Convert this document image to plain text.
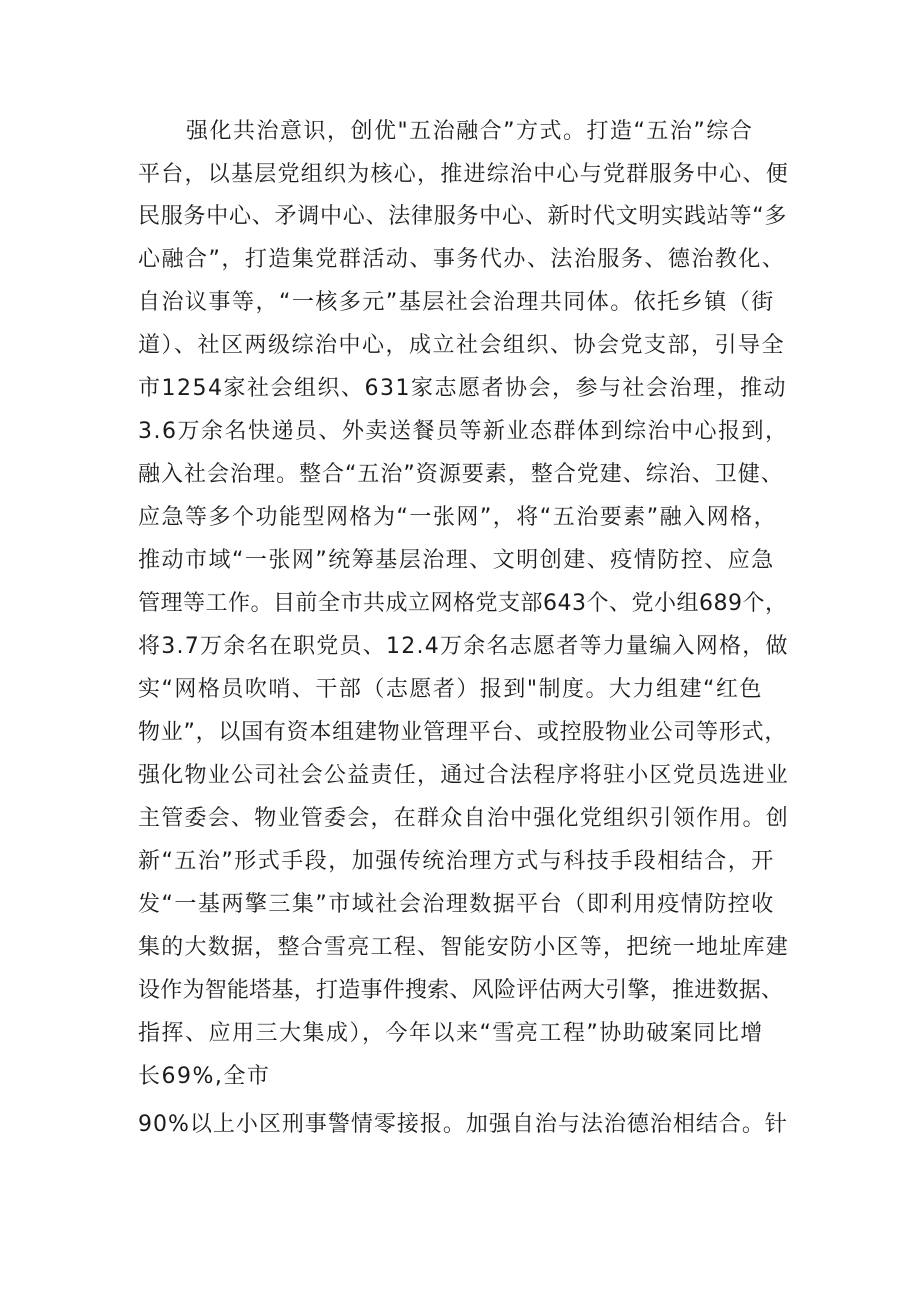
强化共治意识，创优"五治融合”方式。打造“五治”综合
平台，以基层党组织为核心，推进综治中心与党群服务中心、便
民服务中心、矛调中心、法律服务中心、新时代文明实践站等“多
心融合”，打造集党群活动、事务代办、法治服务、德治教化、
自治议事等，“一核多元”基层社会治理共同体。依托乡镇（街
道）、社区两级综治中心，成立社会组织、协会党支部，引导全
市1254家社会组织、631家志愿者协会，参与社会治理，推动
3.6万余名快递员、外卖送餐员等新业态群体到综治中心报到，
融入社会治理。整合“五治”资源要素，整合党建、综治、卫健、
应急等多个功能型网格为“一张网”，将“五治要素”融入网格，
推动市域“一张网”统筹基层治理、文明创建、疫情防控、应急
管理等工作。目前全市共成立网格党支部643个、党小组689个，
将3.7万余名在职党员、12.4万余名志愿者等力量编入网格，做
实“网格员吹哨、干部（志愿者）报到"制度。大力组建“红色
物业”，以国有资本组建物业管理平台、或控股物业公司等形式，
强化物业公司社会公益责任，通过合法程序将驻小区党员选进业
主管委会、物业管委会，在群众自治中强化党组织引领作用。创
新“五治”形式手段，加强传统治理方式与科技手段相结合，开
发“一基两擎三集”市域社会治理数据平台（即利用疫情防控收
集的大数据，整合雪亮工程、智能安防小区等，把统一地址库建
设作为智能塔基，打造事件搜索、风险评估两大引擎，推进数据、
指挥、应用三大集成），今年以来“雪亮工程”协助破案同比增
长69%,全市
90%以上小区刑事警情零接报。加强自治与法治德治相结合。针
